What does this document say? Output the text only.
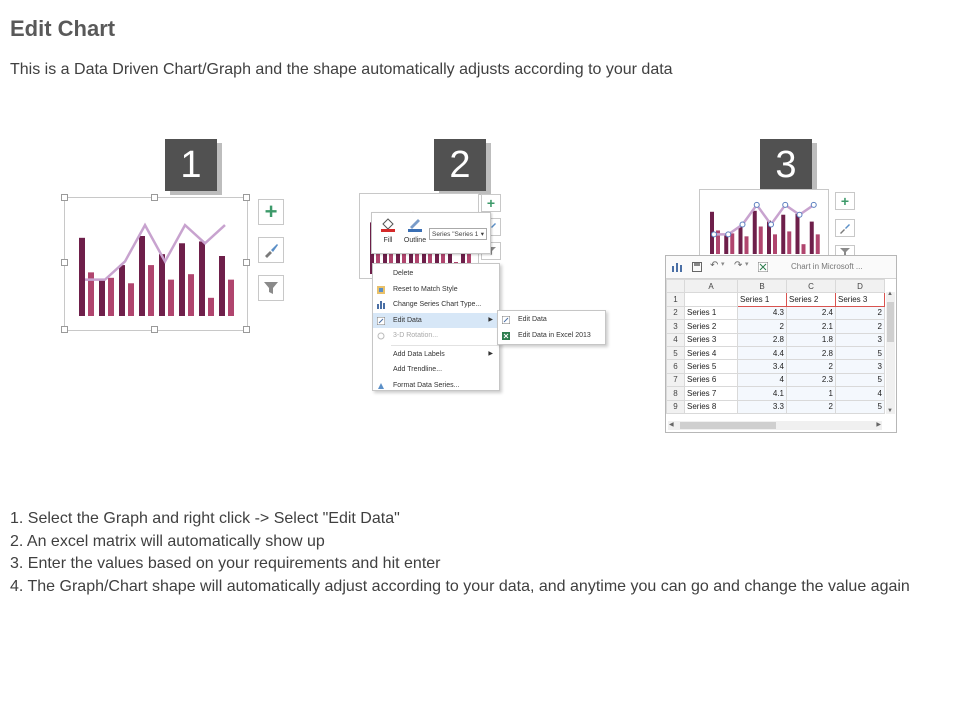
Edit Chart

This is a Data Driven Chart/Graph and the shape automatically adjusts according to your data

1	2	3
+	+
Fill	Outline
Series "Series 1 ▾
Delete
Reset to Match Style
Change Series Chart Type...
Edit Data	▶
3-D Rotation...
Add Data Labels	▶
Add Trendline...
Format Data Series...
Edit Data
Edit Data in Excel 2013
+
↶ ▾ ↷ ▾	Chart in Microsoft ...
	A	B	C	D
1		Series 1	Series 2	Series 3
2	Series 1	4.3	2.4	2
3	Series 2	2	2.1	2
4	Series 3	2.8	1.8	3
5	Series 4	4.4	2.8	5
6	Series 5	3.4	2	3
7	Series 6	4	2.3	5
8	Series 7	4.1	1	4
9	Series 8	3.3	2	5
▲
▼
◀	▶

1. Select the Graph and right click -> Select "Edit Data"

2. An excel matrix will automatically show up

3. Enter the values based on your requirements and hit enter

4. The Graph/Chart shape will automatically adjust according to your data, and anytime you can go and change the value again
